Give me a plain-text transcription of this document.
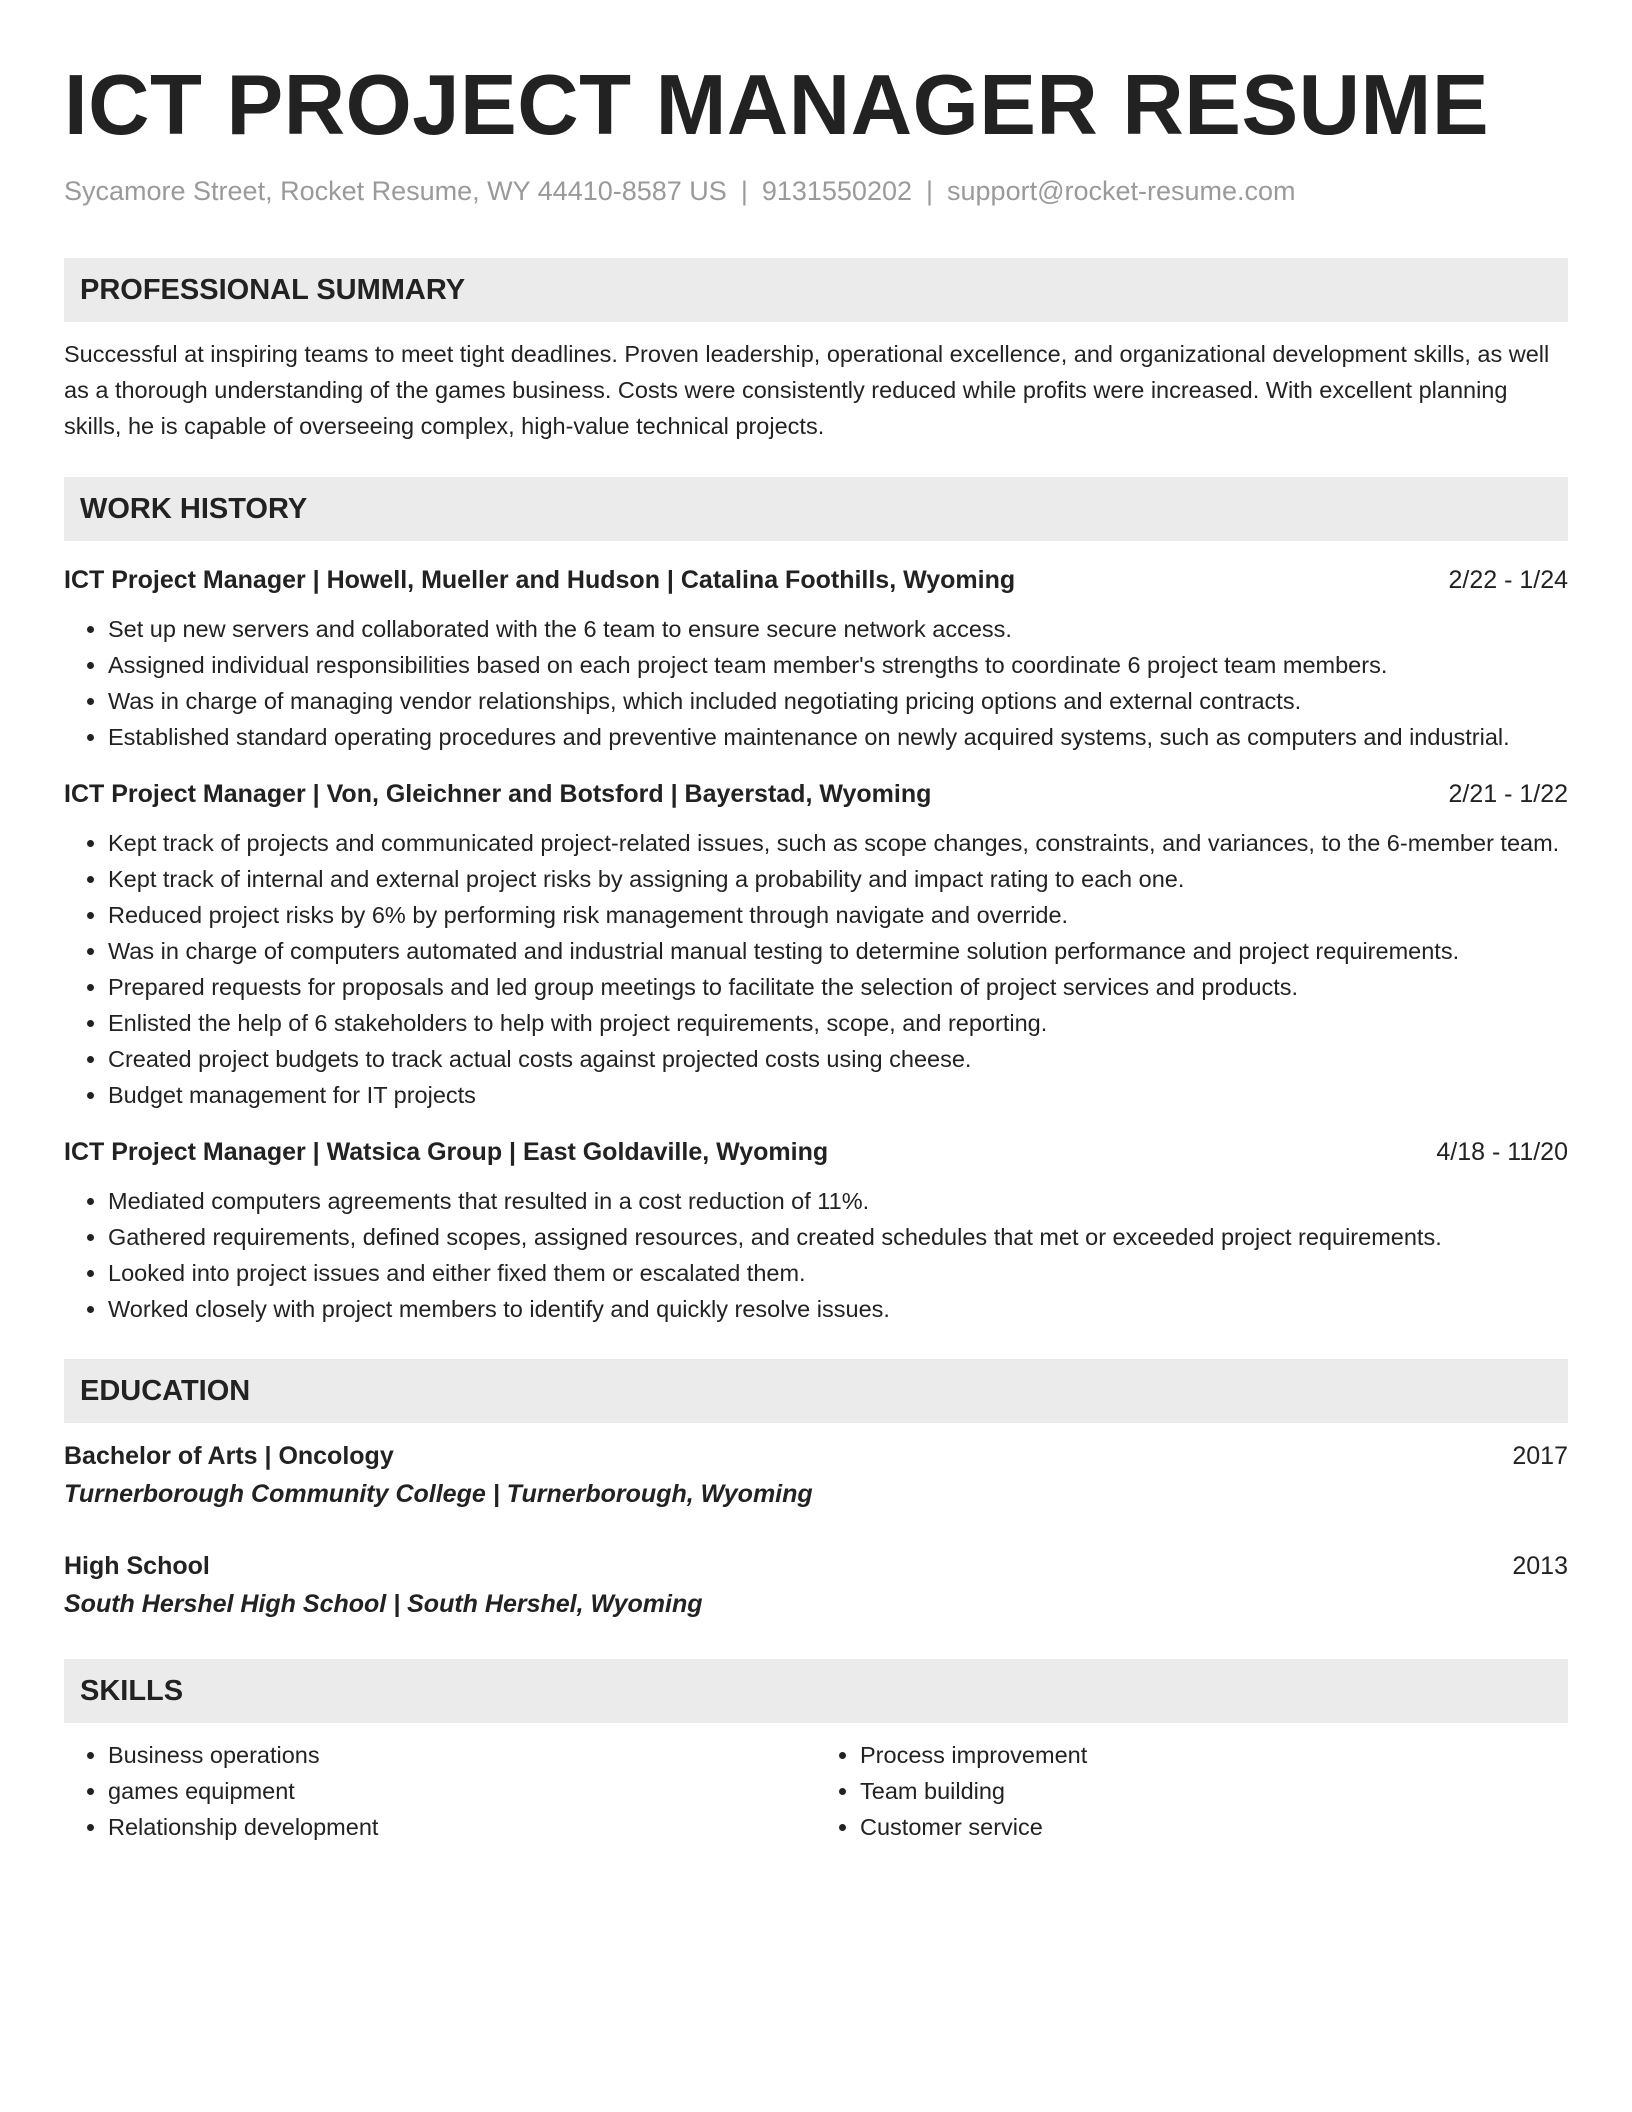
ICT PROJECT MANAGER RESUME
Sycamore Street, Rocket Resume, WY 44410-8587 US | 9131550202 | support@rocket-resume.com
PROFESSIONAL SUMMARY

Successful at inspiring teams to meet tight deadlines. Proven leadership, operational excellence, and organizational development skills, as well as a thorough understanding of the games business. Costs were consistently reduced while profits were increased. With excellent planning skills, he is capable of overseeing complex, high-value technical projects.

WORK HISTORY
ICT Project Manager | Howell, Mueller and Hudson | Catalina Foothills, Wyoming	2/22 - 1/24
• Set up new servers and collaborated with the 6 team to ensure secure network access.
• Assigned individual responsibilities based on each project team member's strengths to coordinate 6 project team members.
• Was in charge of managing vendor relationships, which included negotiating pricing options and external contracts.
• Established standard operating procedures and preventive maintenance on newly acquired systems, such as computers and industrial.
ICT Project Manager | Von, Gleichner and Botsford | Bayerstad, Wyoming	2/21 - 1/22
• Kept track of projects and communicated project-related issues, such as scope changes, constraints, and variances, to the 6-member team.
• Kept track of internal and external project risks by assigning a probability and impact rating to each one.
• Reduced project risks by 6% by performing risk management through navigate and override.
• Was in charge of computers automated and industrial manual testing to determine solution performance and project requirements.
• Prepared requests for proposals and led group meetings to facilitate the selection of project services and products.
• Enlisted the help of 6 stakeholders to help with project requirements, scope, and reporting.
• Created project budgets to track actual costs against projected costs using cheese.
• Budget management for IT projects
ICT Project Manager | Watsica Group | East Goldaville, Wyoming	4/18 - 11/20
• Mediated computers agreements that resulted in a cost reduction of 11%.
• Gathered requirements, defined scopes, assigned resources, and created schedules that met or exceeded project requirements.
• Looked into project issues and either fixed them or escalated them.
• Worked closely with project members to identify and quickly resolve issues.
EDUCATION
Bachelor of Arts | Oncology	2017
Turnerborough Community College | Turnerborough, Wyoming
High School	2013
South Hershel High School | South Hershel, Wyoming
SKILLS
• Business operations
• games equipment
• Relationship development
• Process improvement
• Team building
• Customer service
